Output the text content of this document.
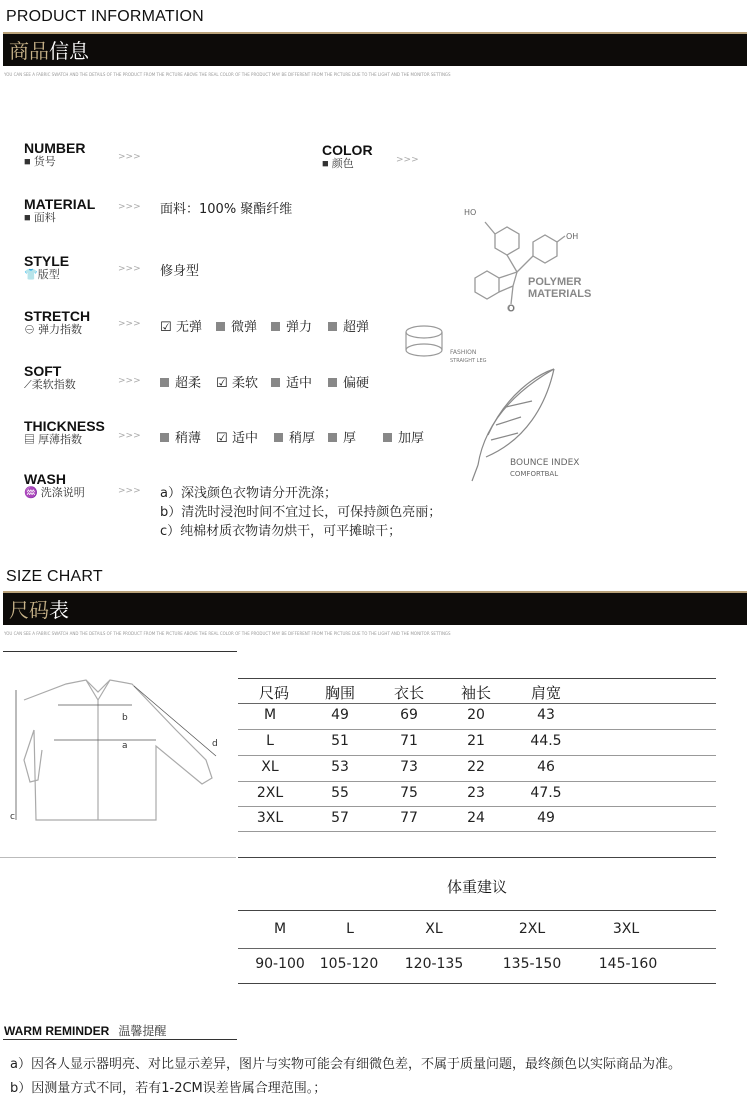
PRODUCT INFORMATION
商品信息
YOU CAN SEE A FABRIC SWATCH AND THE DETAILS OF THE PRODUCT FROM THE PICTURE ABOVE THE REAL COLOR OF THE PRODUCT MAY BE DIFFERENT FROM THE PICTURE DUE TO THE LIGHT AND THE MONITOR SETTINGS
NUMBER
■ 货号	>>>	COLOR
■ 颜色	>>>
MATERIAL
■ 面料
>>> 面料：100% 聚酯纤维
STYLE
👕版型	>>> 修身型
STRETCH
⊖ 弹力指数	>>> ☑ 无弹	微弹	弹力	超弹
SOFT
⟋柔软指数	>>>	超柔 ☑ 柔软	适中	偏硬
THICKNESS
▤ 厚薄指数	>>>	稍薄 ☑ 适中	稍厚	厚	加厚
WASH
♒ 洗涤说明	>>> a）深浅颜色衣物请分开洗涤；
b）清洗时浸泡时间不宜过长，可保持颜色亮丽；
c）纯棉材质衣物请勿烘干，可平摊晾干；
HO
OH
O
POLYMER
MATERIALS
FASHION
STRAIGHT LEG
BOUNCE INDEX
COMFORTBAL
SIZE CHART
尺码表
YOU CAN SEE A FABRIC SWATCH AND THE DETAILS OF THE PRODUCT FROM THE PICTURE ABOVE THE REAL COLOR OF THE PRODUCT MAY BE DIFFERENT FROM THE PICTURE DUE TO THE LIGHT AND THE MONITOR SETTINGS
b
a	d
c
尺码	胸围	衣长	袖长	肩宽
M	49	69	20	43
L	51	71	21	44.5
XL	53	73	22	46
2XL	55	75	23	47.5
3XL	57	77	24	49
体重建议
M	L	XL	2XL	3XL
90-100	105-120 120-135	135-150	145-160
WARM REMINDER 温馨提醒
a）因各人显示器明亮、对比显示差异，图片与实物可能会有细微色差，不属于质量问题，最终颜色以实际商品为准。
b）因测量方式不同，若有1-2CM误差皆属合理范围。；
